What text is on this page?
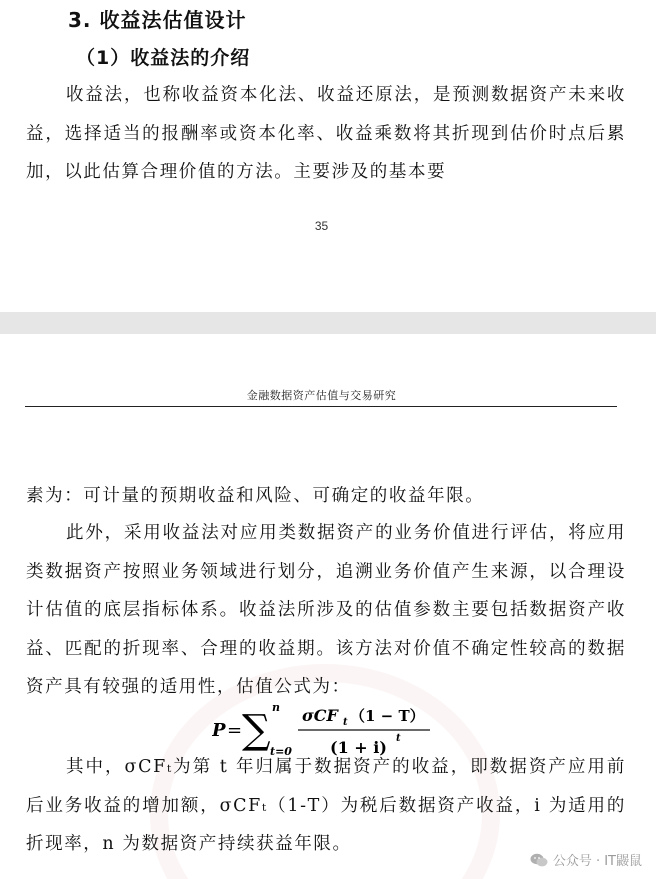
3. 收益法估值设计
（1）收益法的介绍

收益法，也称收益资本化法、收益还原法，是预测数据资产未来收益，选择适当的报酬率或资本化率、收益乘数将其折现到估价时点后累加，以此估算合理价值的方法。主要涉及的基本要

35
金融数据资产估值与交易研究

素为：可计量的预期收益和风险、可确定的收益年限。

此外，采用收益法对应用类数据资产的业务价值进行评估，将应用类数据资产按照业务领域进行划分，追溯业务价值产生来源，以合理设计估值的底层指标体系。收益法所涉及的估值参数主要包括数据资产收益、匹配的折现率、合理的收益期。该方法对价值不确定性较高的数据资产具有较强的适用性，估值公式为：

P = ∑ n
t=0
σCF t （1 − T）
(1 + i) t

其中，σCFₜ为第 t 年归属于数据资产的收益，即数据资产应用前后业务收益的增加额，σCFₜ（1-T）为税后数据资产收益，i 为适用的折现率，n 为数据资产持续获益年限。

公众号 · IT鼹鼠
